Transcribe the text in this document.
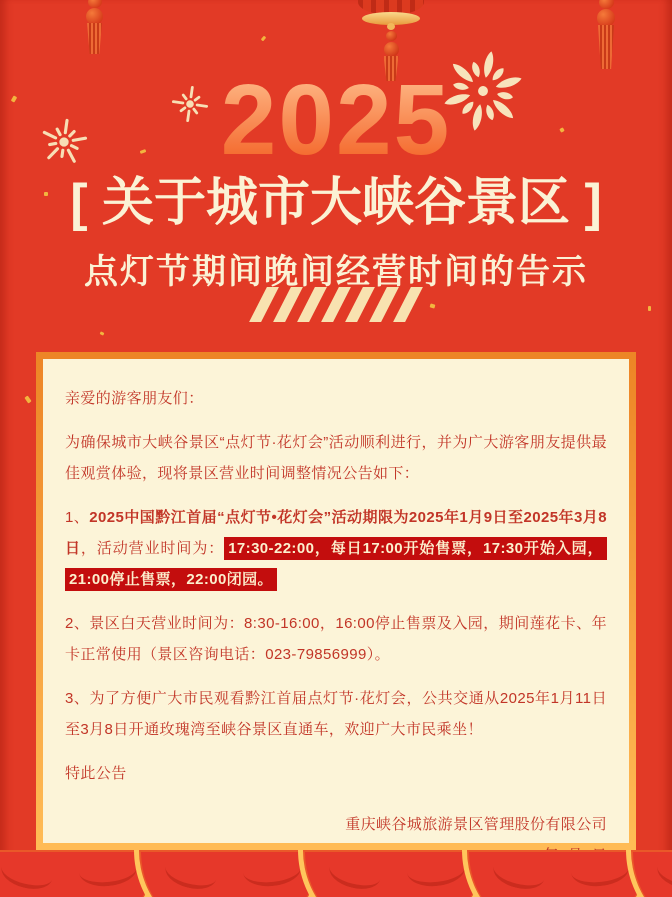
2025
[ 关于城市大峡谷景区 ]
点灯节期间晚间经营时间的告示

亲爱的游客朋友们：

为确保城市大峡谷景区“点灯节·花灯会”活动顺利进行，并为广大游客朋友提供最佳观赏体验，现将景区营业时间调整情况公告如下：

1、2025中国黔江首届“点灯节•花灯会”活动期限为2025年1月9日至2025年3月8日，活动营业时间为： 17:30-22:00，每日17:00开始售票，17:30开始入园，21:00停止售票，22:00闭园。

2、景区白天营业时间为：8:30-16:00，16:00停止售票及入园，期间莲花卡、年卡正常使用（景区咨询电话：023-79856999）。

3、为了方便广大市民观看黔江首届点灯节·花灯会，公共交通从2025年1月11日至3月8日开通玫瑰湾至峡谷景区直通车，欢迎广大市民乘坐！

特此公告

重庆峡谷城旅游景区管理股份有限公司
